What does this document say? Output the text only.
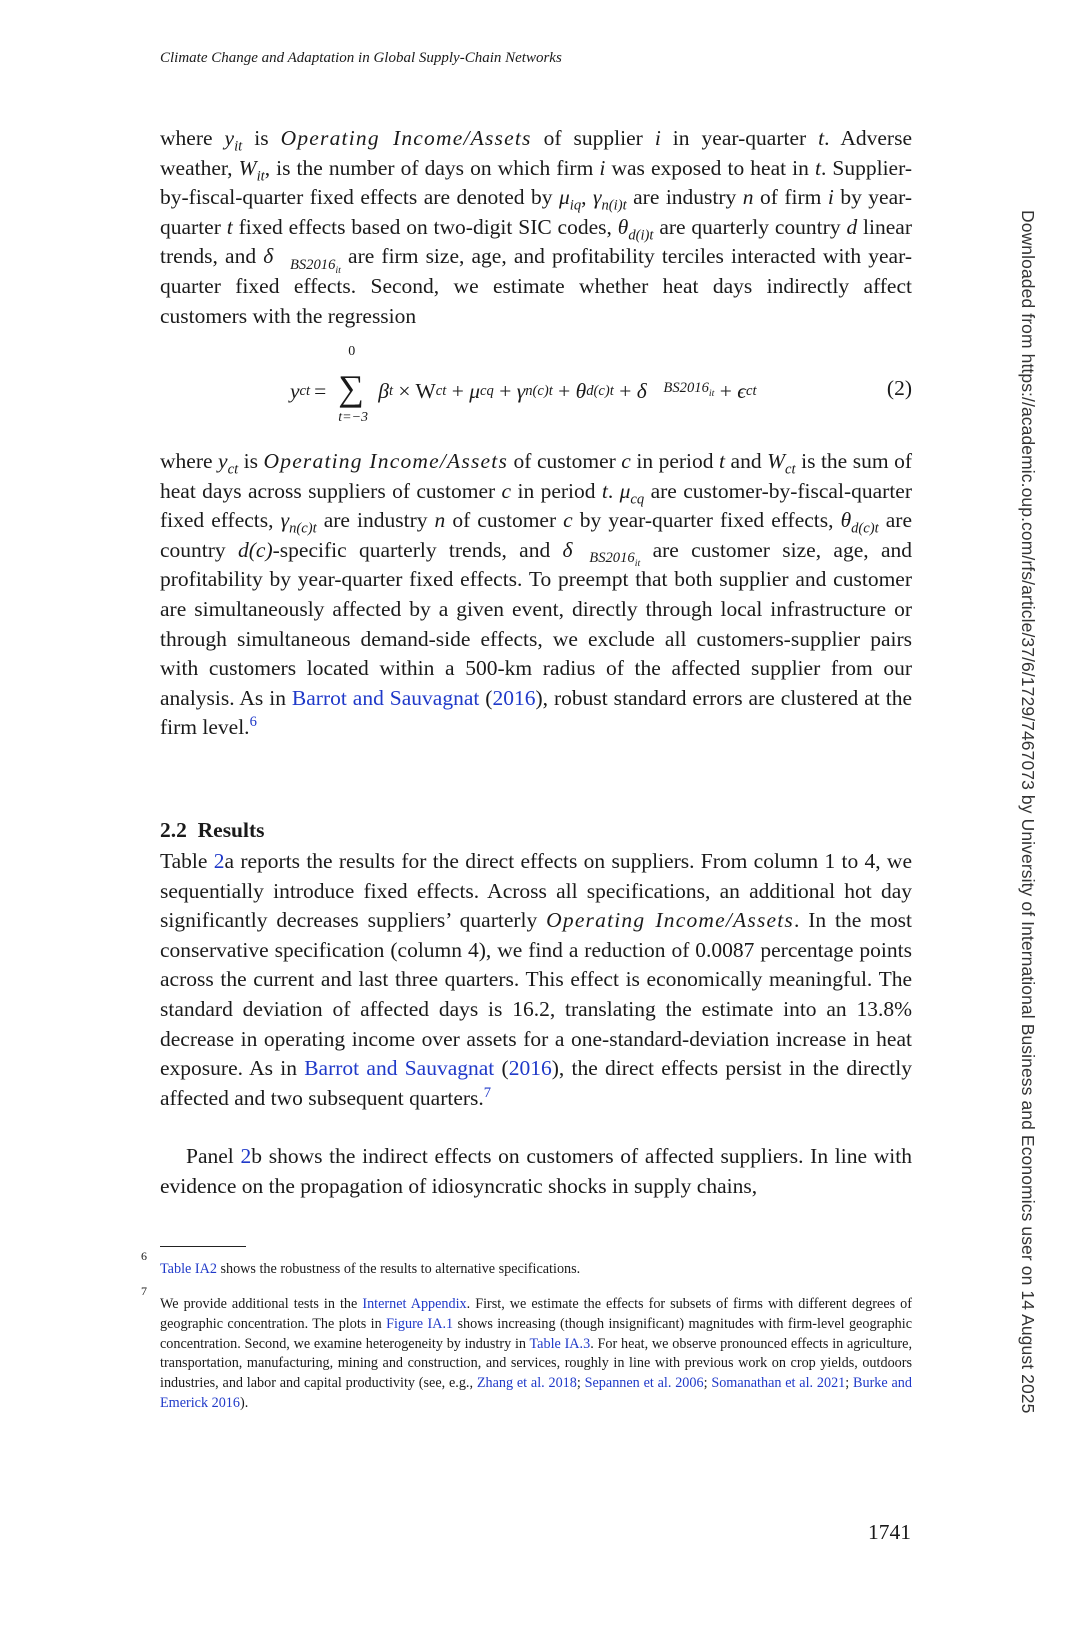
Climate Change and Adaptation in Global Supply-Chain Networks

where $y_{it}$ is Operating Income/Assets of supplier i in year-quarter t. Adverse weather, $W_{it}$, is the number of days on which firm i was exposed to heat in t. Supplier-by-fiscal-quarter fixed effects are denoted by $\mu_{iq}$, $\gamma_{n(i)t}$ are industry n of firm i by year-quarter t fixed effects based on two-digit SIC codes, $\theta_{d(i)t}$ are quarterly country d linear trends, and $\delta⃗_{BS2016_{it}}$ are firm size, age, and profitability terciles interacted with year-quarter fixed effects. Second, we estimate whether heat days indirectly affect customers with the regression

y ct =
0
∑
t=−3
β t × W ct + μ cq + γ n(c)t + θ d(c)t + δ⃗ $BS2016_{it} + \epsilon$ ct	(2)

where $y_{ct}$ is Operating Income/Assets of customer c in period t and $W_{ct}$ is the sum of heat days across suppliers of customer c in period t. $\mu_{cq}$ are customer-by-fiscal-quarter fixed effects, $\gamma_{n(c)t}$ are industry n of customer c by year-quarter fixed effects, $\theta_{d(c)t}$ are country d(c)-specific quarterly trends, and $\delta⃗_{BS2016_{it}}$ are customer size, age, and profitability by year-quarter fixed effects. To preempt that both supplier and customer are simultaneously affected by a given event, directly through local infrastructure or through simultaneous demand-side effects, we exclude all customers-supplier pairs with customers located within a 500-km radius of the affected supplier from our analysis. As in Barrot and Sauvagnat (2016), robust standard errors are clustered at the firm level.$^6$

2.2 Results

Table 2a reports the results for the direct effects on suppliers. From column 1 to 4, we sequentially introduce fixed effects. Across all specifications, an additional hot day significantly decreases suppliers’ quarterly Operating Income/Assets. In the most conservative specification (column 4), we find a reduction of 0.0087 percentage points across the current and last three quarters. This effect is economically meaningful. The standard deviation of affected days is 16.2, translating the estimate into an 13.8% decrease in operating income over assets for a one-standard-deviation increase in heat exposure. As in Barrot and Sauvagnat (2016), the direct effects persist in the directly affected and two subsequent quarters.$^7$

Panel 2b shows the indirect effects on customers of affected suppliers. In line with evidence on the propagation of idiosyncratic shocks in supply chains,

6
Table IA2 shows the robustness of the results to alternative specifications.
7
We provide additional tests in the Internet Appendix. First, we estimate the effects for subsets of firms with different degrees of geographic concentration. The plots in Figure IA.1 shows increasing (though insignificant) magnitudes with firm-level geographic concentration. Second, we examine heterogeneity by industry in Table IA.3. For heat, we observe pronounced effects in agriculture, transportation, manufacturing, mining and construction, and services, roughly in line with previous work on crop yields, outdoors industries, and labor and capital productivity (see, e.g., Zhang et al. 2018; Sepannen et al. 2006; Somanathan et al. 2021; Burke and Emerick 2016).
1741
Downloaded from https://academic.oup.com/rfs/article/37/6/1729/7467073 by University of International Business and Economics user on 14 August 2025
